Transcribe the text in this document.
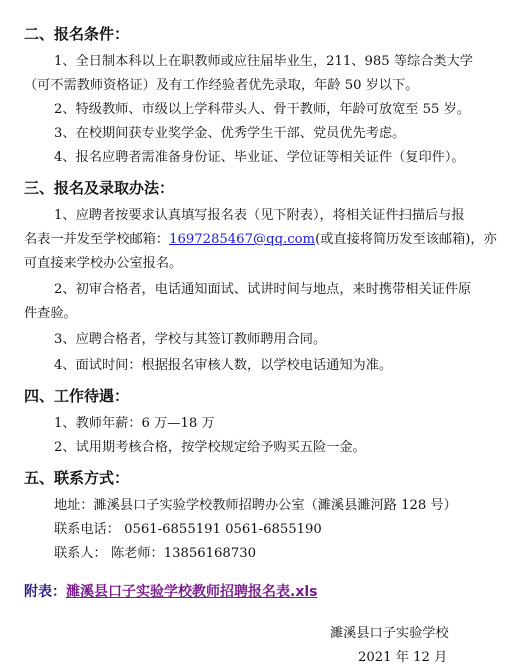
二、报名条件：
1、全日制本科以上在职教师或应往届毕业生，211、985 等综合类大学
（可不需教师资格证）及有工作经验者优先录取，年龄 50 岁以下。
2、特级教师、市级以上学科带头人、骨干教师，年龄可放宽至 55 岁。
3、在校期间获专业奖学金、优秀学生干部、党员优先考虑。
4、报名应聘者需准备身份证、毕业证、学位证等相关证件（复印件）。
三、报名及录取办法：
1、应聘者按要求认真填写报名表（见下附表），将相关证件扫描后与报
名表一并发至学校邮箱：1697285467@qq.com(或直接将简历发至该邮箱)，亦
可直接来学校办公室报名。
2、初审合格者，电话通知面试、试讲时间与地点，来时携带相关证件原
件查验。
3、应聘合格者，学校与其签订教师聘用合同。
4、面试时间：根据报名审核人数，以学校电话通知为准。
四、工作待遇：
1、教师年薪：6 万—18 万
2、试用期考核合格，按学校规定给予购买五险一金。
五、联系方式：
地址：濉溪县口子实验学校教师招聘办公室（濉溪县濉河路 128 号）
联系电话： 0561-6855191 0561-6855190
联系人： 陈老师：13856168730
附表：濉溪县口子实验学校教师招聘报名表.xls
濉溪县口子实验学校
2021 年 12 月
